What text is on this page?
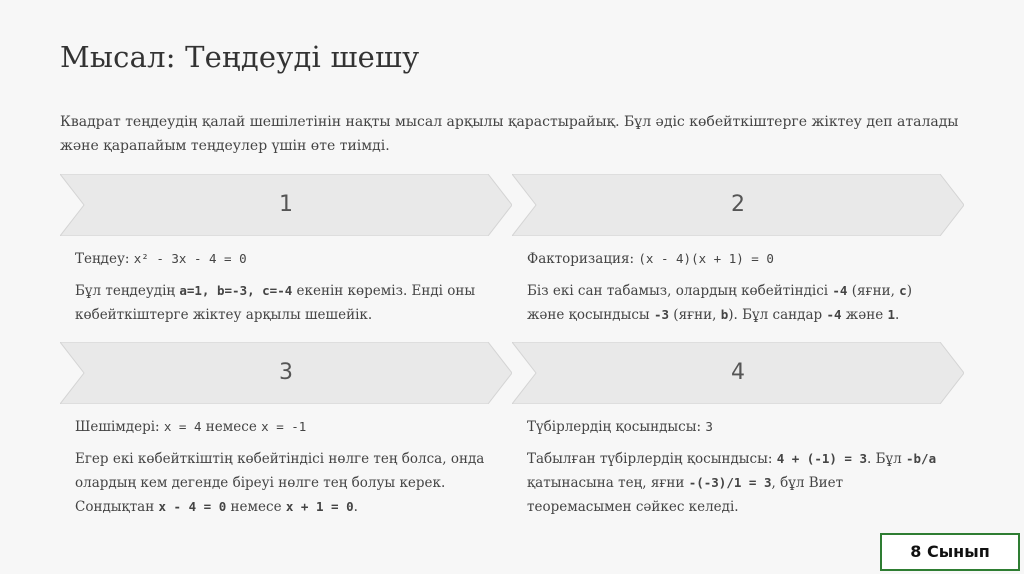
Мысал: Теңдеуді шешу

Квадрат теңдеудің қалай шешілетінін нақты мысал арқылы қарастырайық. Бұл әдіс көбейткіштерге жіктеу деп аталады және қарапайым теңдеулер үшін өте тиімді.

1

Теңдеу: x² - 3x - 4 = 0

Бұл теңдеудің a=1, b=-3, c=-4 екенін көреміз. Енді оны көбейткіштерге жіктеу арқылы шешейік.

2

Факторизация: (x - 4)(x + 1) = 0

Біз екі сан табамыз, олардың көбейтіндісі -4 (яғни, c) және қосындысы -3 (яғни, b). Бұл сандар -4 және 1.

3

Шешімдері: x = 4 немесе x = -1

Егер екі көбейткіштің көбейтіндісі нөлге тең болса, онда олардың кем дегенде біреуі нөлге тең болуы керек. Сондықтан x - 4 = 0 немесе x + 1 = 0.

4

Түбірлердің қосындысы: 3

Табылған түбірлердің қосындысы: 4 + (-1) = 3. Бұл -b/a қатынасына тең, яғни -(-3)/1 = 3, бұл Виет теоремасымен сәйкес келеді.

8 Сынып
